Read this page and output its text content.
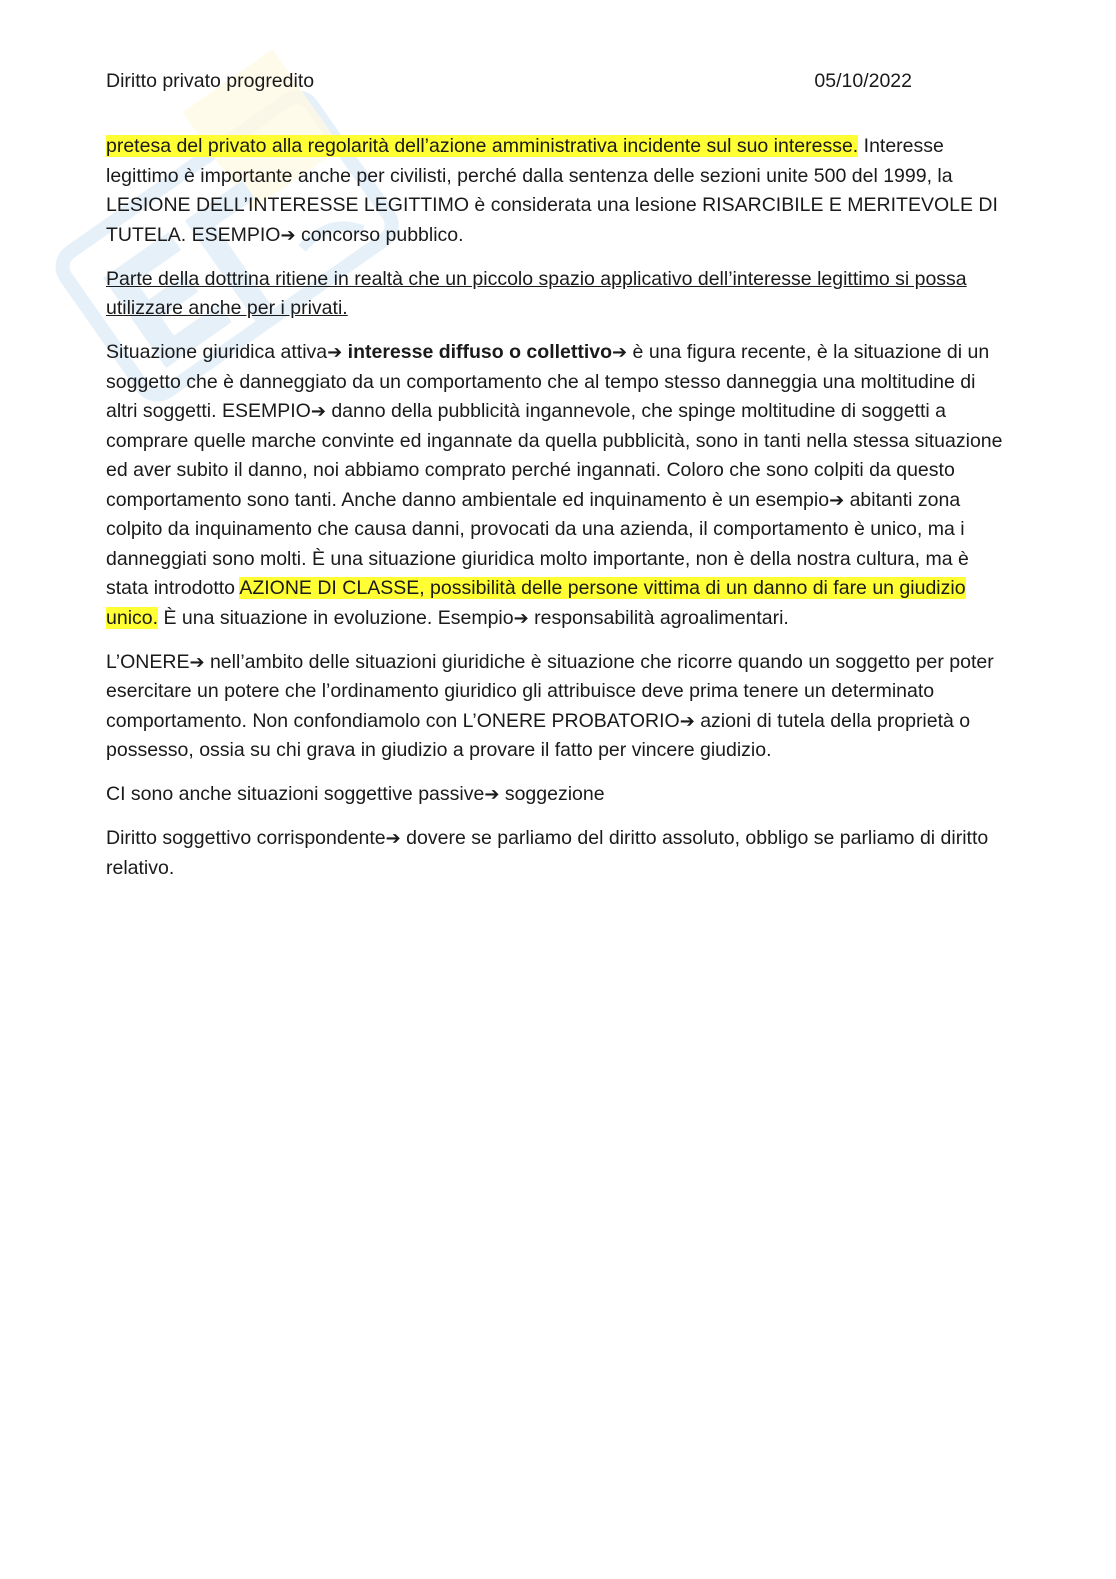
Diritto privato progredito	05/10/2022

pretesa del privato alla regolarità dell’azione amministrativa incidente sul suo interesse. Interesse legittimo è importante anche per civilisti, perché dalla sentenza delle sezioni unite 500 del 1999, la LESIONE DELL’INTERESSE LEGITTIMO è considerata una lesione RISARCIBILE E MERITEVOLE DI TUTELA. ESEMPIO➔ concorso pubblico.

Parte della dottrina ritiene in realtà che un piccolo spazio applicativo dell’interesse legittimo si possa utilizzare anche per i privati.

Situazione giuridica attiva➔ interesse diffuso o collettivo➔ è una figura recente, è la situazione di un soggetto che è danneggiato da un comportamento che al tempo stesso danneggia una moltitudine di altri soggetti. ESEMPIO➔ danno della pubblicità ingannevole, che spinge moltitudine di soggetti a comprare quelle marche convinte ed ingannate da quella pubblicità, sono in tanti nella stessa situazione ed aver subito il danno, noi abbiamo comprato perché ingannati. Coloro che sono colpiti da questo comportamento sono tanti. Anche danno ambientale ed inquinamento è un esempio➔ abitanti zona colpito da inquinamento che causa danni, provocati da una azienda, il comportamento è unico, ma i danneggiati sono molti. È una situazione giuridica molto importante, non è della nostra cultura, ma è stata introdotto AZIONE DI CLASSE, possibilità delle persone vittima di un danno di fare un giudizio unico. È una situazione in evoluzione. Esempio➔ responsabilità agroalimentari.

L’ONERE➔ nell’ambito delle situazioni giuridiche è situazione che ricorre quando un soggetto per poter esercitare un potere che l’ordinamento giuridico gli attribuisce deve prima tenere un determinato comportamento. Non confondiamolo con L’ONERE PROBATORIO➔ azioni di tutela della proprietà o possesso, ossia su chi grava in giudizio a provare il fatto per vincere giudizio.

CI sono anche situazioni soggettive passive➔ soggezione

Diritto soggettivo corrispondente➔ dovere se parliamo del diritto assoluto, obbligo se parliamo di diritto relativo.
